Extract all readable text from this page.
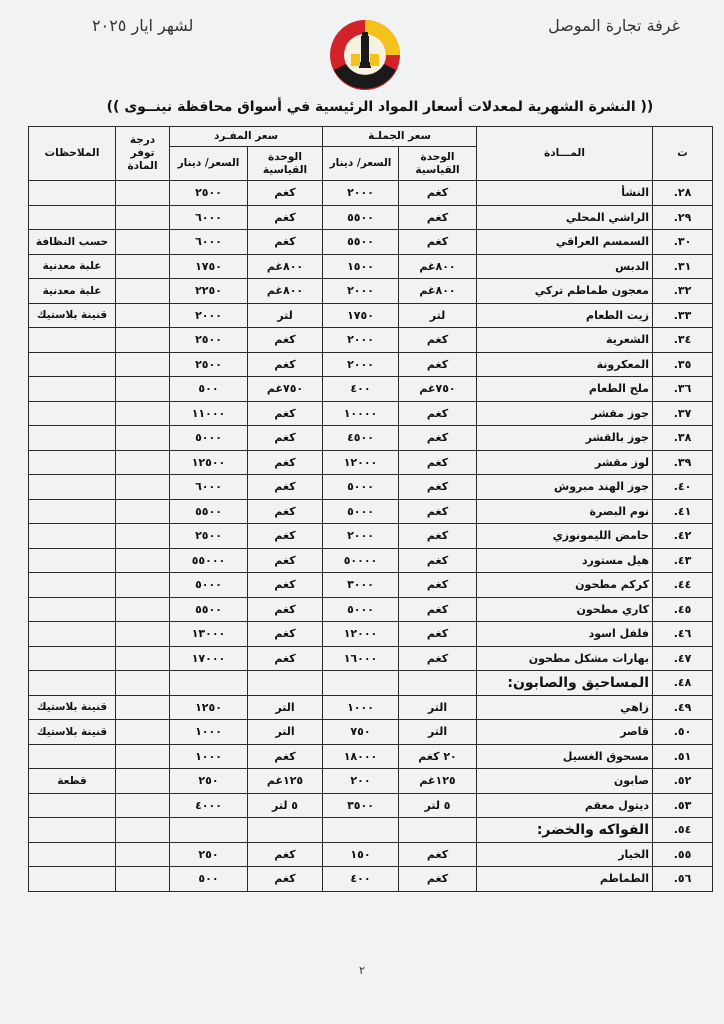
غرفة تجارة الموصل
لشهر ايار ٢٠٢٥
(( النشرة الشهرية لمعدلات أسعار المواد الرئيسية في أسواق محافظة نينــوى ))
ت	المـــادة	سعر الجملـة		سعر المفـرد		درجة توفر المادة	الملاحظات
		الوحدة القياسية	السعر/ دينار	الوحدة القياسية	السعر/ دينار		
٢٨.	النشأ	كغم	٢٠٠٠	كغم	٢٥٠٠		
٢٩.	الراشي المحلي	كغم	٥٥٠٠	كغم	٦٠٠٠		
٣٠.	السمسم العراقي	كغم	٥٥٠٠	كغم	٦٠٠٠		حسب النظافة
٣١.	الدبس	٨٠٠غم	١٥٠٠	٨٠٠غم	١٧٥٠		علبة معدنية
٣٢.	معجون طماطم تركي	٨٠٠غم	٢٠٠٠	٨٠٠غم	٢٢٥٠		علبة معدنية
٣٣.	زيت الطعام	لتر	١٧٥٠	لتر	٢٠٠٠		قنينة بلاستيك
٣٤.	الشعرية	كغم	٢٠٠٠	كغم	٢٥٠٠		
٣٥.	المعكرونة	كغم	٢٠٠٠	كغم	٢٥٠٠		
٣٦.	ملح الطعام	٧٥٠غم	٤٠٠	٧٥٠غم	٥٠٠		
٣٧.	جوز مقشر	كغم	١٠٠٠٠	كغم	١١٠٠٠		
٣٨.	جوز بالقشر	كغم	٤٥٠٠	كغم	٥٠٠٠		
٣٩.	لوز مقشر	كغم	١٢٠٠٠	كغم	١٢٥٠٠		
٤٠.	جوز الهند مبروش	كغم	٥٠٠٠	كغم	٦٠٠٠		
٤١.	نوم البصرة	كغم	٥٠٠٠	كغم	٥٥٠٠		
٤٢.	حامض الليمونوزي	كغم	٢٠٠٠	كغم	٢٥٠٠		
٤٣.	هيل مستورد	كغم	٥٠٠٠٠	كغم	٥٥٠٠٠		
٤٤.	كركم مطحون	كغم	٣٠٠٠	كغم	٥٠٠٠		
٤٥.	كاري مطحون	كغم	٥٠٠٠	كغم	٥٥٠٠		
٤٦.	فلفل اسود	كغم	١٢٠٠٠	كغم	١٣٠٠٠		
٤٧.	بهارات مشكل مطحون	كغم	١٦٠٠٠	كغم	١٧٠٠٠		
٤٨.	المساحيق والصابون:						
٤٩.	زاهي	التر	١٠٠٠	التر	١٢٥٠		قنينة بلاستيك
٥٠.	قاصر	التر	٧٥٠	التر	١٠٠٠		قنينة بلاستيك
٥١.	مسحوق الغسيل	٢٠ كغم	١٨٠٠٠	كغم	١٠٠٠		
٥٢.	صابون	١٢٥غم	٢٠٠	١٢٥غم	٢٥٠		قطعة
٥٣.	ديتول معقم	٥ لتر	٣٥٠٠	٥ لتر	٤٠٠٠		
٥٤.	الفواكه والخضر:						
٥٥.	الخيار	كغم	١٥٠	كغم	٢٥٠		
٥٦.	الطماطم	كغم	٤٠٠	كغم	٥٠٠		
٢
